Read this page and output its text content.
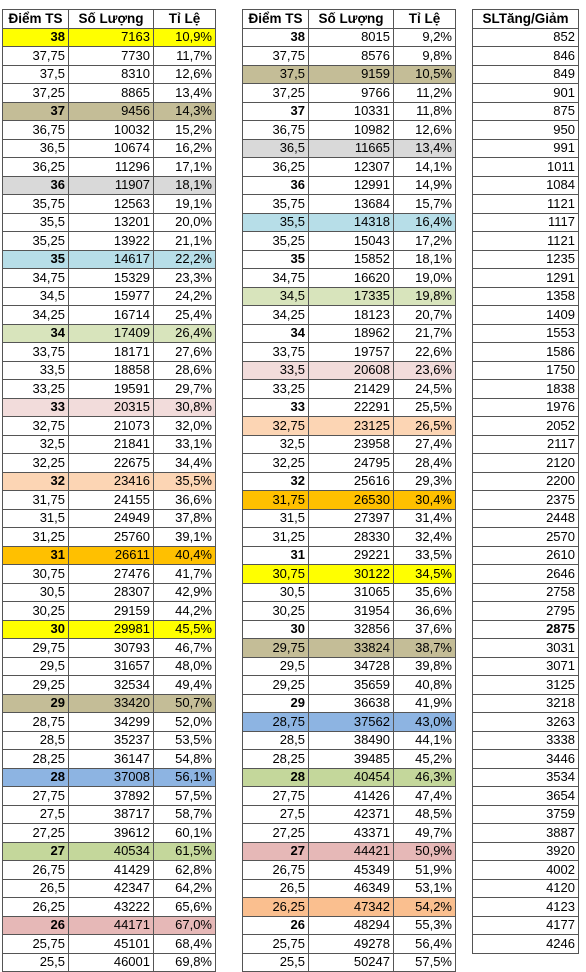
Điểm TS	Số Lượng	Tỉ Lệ
38	7163	10,9%
37,75	7730	11,7%
37,5	8310	12,6%
37,25	8865	13,4%
37	9456	14,3%
36,75	10032	15,2%
36,5	10674	16,2%
36,25	11296	17,1%
36	11907	18,1%
35,75	12563	19,1%
35,5	13201	20,0%
35,25	13922	21,1%
35	14617	22,2%
34,75	15329	23,3%
34,5	15977	24,2%
34,25	16714	25,4%
34	17409	26,4%
33,75	18171	27,6%
33,5	18858	28,6%
33,25	19591	29,7%
33	20315	30,8%
32,75	21073	32,0%
32,5	21841	33,1%
32,25	22675	34,4%
32	23416	35,5%
31,75	24155	36,6%
31,5	24949	37,8%
31,25	25760	39,1%
31	26611	40,4%
30,75	27476	41,7%
30,5	28307	42,9%
30,25	29159	44,2%
30	29981	45,5%
29,75	30793	46,7%
29,5	31657	48,0%
29,25	32534	49,4%
29	33420	50,7%
28,75	34299	52,0%
28,5	35237	53,5%
28,25	36147	54,8%
28	37008	56,1%
27,75	37892	57,5%
27,5	38717	58,7%
27,25	39612	60,1%
27	40534	61,5%
26,75	41429	62,8%
26,5	42347	64,2%
26,25	43222	65,6%
26	44171	67,0%
25,75	45101	68,4%
25,5	46001	69,8%
Điểm TS	Số Lượng	Tỉ Lệ
38	8015	9,2%
37,75	8576	9,8%
37,5	9159	10,5%
37,25	9766	11,2%
37	10331	11,8%
36,75	10982	12,6%
36,5	11665	13,4%
36,25	12307	14,1%
36	12991	14,9%
35,75	13684	15,7%
35,5	14318	16,4%
35,25	15043	17,2%
35	15852	18,1%
34,75	16620	19,0%
34,5	17335	19,8%
34,25	18123	20,7%
34	18962	21,7%
33,75	19757	22,6%
33,5	20608	23,6%
33,25	21429	24,5%
33	22291	25,5%
32,75	23125	26,5%
32,5	23958	27,4%
32,25	24795	28,4%
32	25616	29,3%
31,75	26530	30,4%
31,5	27397	31,4%
31,25	28330	32,4%
31	29221	33,5%
30,75	30122	34,5%
30,5	31065	35,6%
30,25	31954	36,6%
30	32856	37,6%
29,75	33824	38,7%
29,5	34728	39,8%
29,25	35659	40,8%
29	36638	41,9%
28,75	37562	43,0%
28,5	38490	44,1%
28,25	39485	45,2%
28	40454	46,3%
27,75	41426	47,4%
27,5	42371	48,5%
27,25	43371	49,7%
27	44421	50,9%
26,75	45349	51,9%
26,5	46349	53,1%
26,25	47342	54,2%
26	48294	55,3%
25,75	49278	56,4%
25,5	50247	57,5%
SLTăng/Giảm
852
846
849
901
875
950
991
1011
1084
1121
1117
1121
1235
1291
1358
1409
1553
1586
1750
1838
1976
2052
2117
2120
2200
2375
2448
2570
2610
2646
2758
2795
2875
3031
3071
3125
3218
3263
3338
3446
3534
3654
3759
3887
3920
4002
4120
4123
4177
4246
